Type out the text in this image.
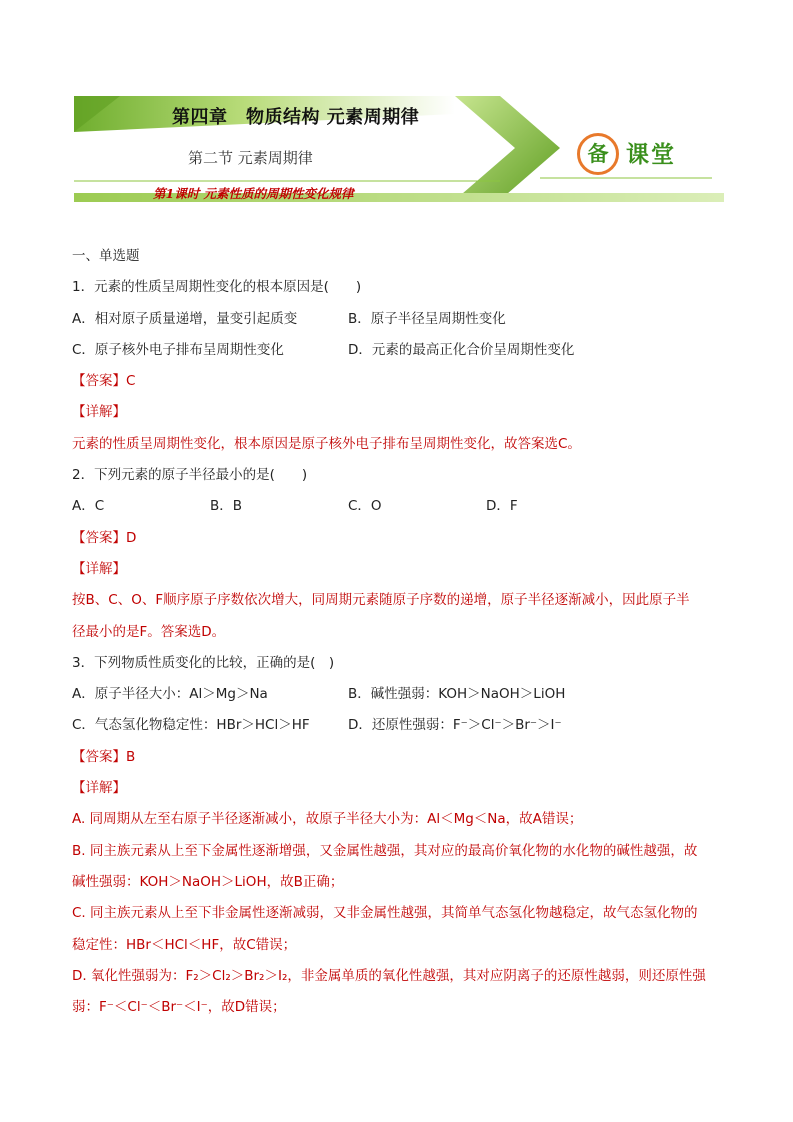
第四章　物质结构 元素周期律
第二节 元素周期律
第1课时 元素性质的周期性变化规律
备 课堂
一、单选题
1．元素的性质呈周期性变化的根本原因是(　　)
A．相对原子质量递增，量变引起质变	B．原子半径呈周期性变化
C．原子核外电子排布呈周期性变化	D．元素的最高正化合价呈周期性变化
【答案】C
【详解】
元素的性质呈周期性变化，根本原因是原子核外电子排布呈周期性变化，故答案选C。
2．下列元素的原子半径最小的是(　　)
A．C	B．B	C．O	D．F
【答案】D
【详解】
按B、C、O、F顺序原子序数依次增大，同周期元素随原子序数的递增，原子半径逐渐减小，因此原子半
径最小的是F。答案选D。
3．下列物质性质变化的比较，正确的是(　)
A．原子半径大小：Al＞Mg＞Na	B．碱性强弱：KOH＞NaOH＞LiOH
C．气态氢化物稳定性：HBr＞HCl＞HF	D．还原性强弱：F⁻＞Cl⁻＞Br⁻＞I⁻
【答案】B
【详解】
A. 同周期从左至右原子半径逐渐减小，故原子半径大小为：Al＜Mg＜Na，故A错误；
B. 同主族元素从上至下金属性逐渐增强，又金属性越强，其对应的最高价氧化物的水化物的碱性越强，故
碱性强弱：KOH＞NaOH＞LiOH，故B正确；
C. 同主族元素从上至下非金属性逐渐减弱，又非金属性越强，其简单气态氢化物越稳定，故气态氢化物的
稳定性：HBr＜HCl＜HF，故C错误；
D. 氧化性强弱为：F₂＞Cl₂＞Br₂＞I₂，非金属单质的氧化性越强，其对应阴离子的还原性越弱，则还原性强
弱：F⁻＜Cl⁻＜Br⁻＜I⁻，故D错误；
